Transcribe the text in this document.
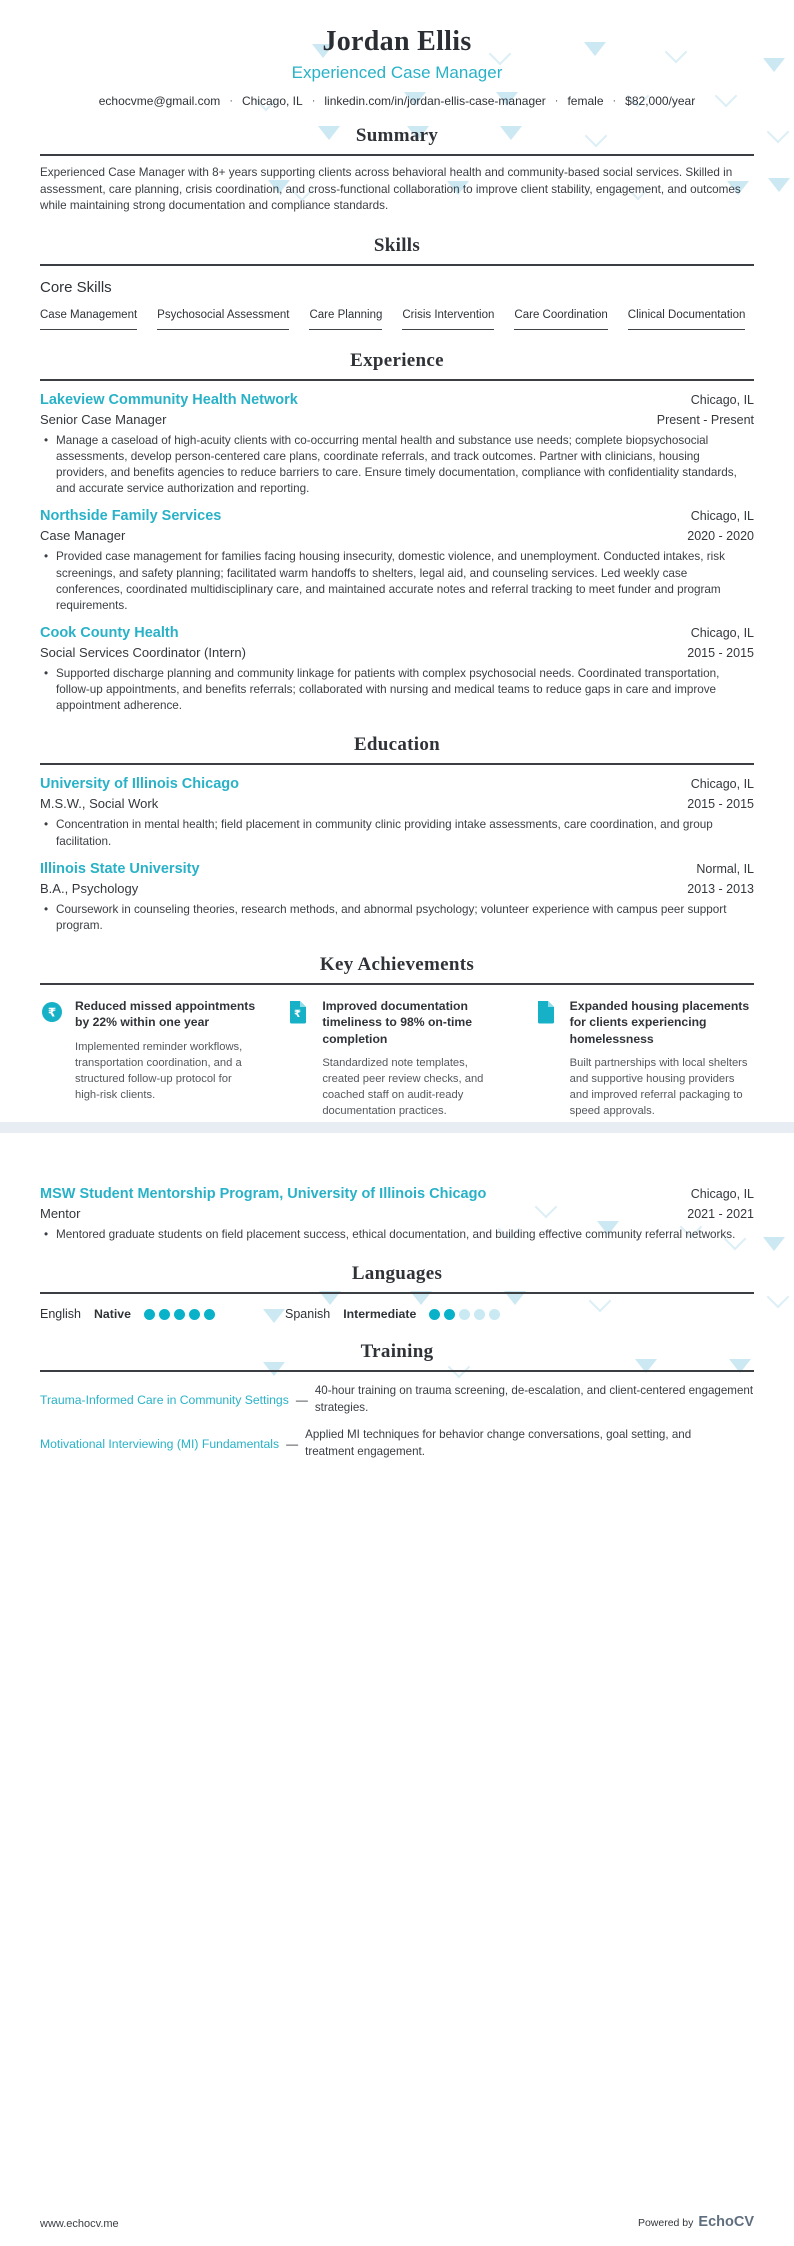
Jordan Ellis
Experienced Case Manager
echocvme@gmail.com · Chicago, IL · linkedin.com/in/jordan-ellis-case-manager · female · $82,000/year
Summary
Experienced Case Manager with 8+ years supporting clients across behavioral health and community-based social services. Skilled in assessment, care planning, crisis coordination, and cross-functional collaboration to improve client stability, engagement, and outcomes while maintaining strong documentation and compliance standards.
Skills
Core Skills
Case Management Psychosocial Assessment Care Planning Crisis Intervention Care Coordination Clinical Documentation
Experience
Lakeview Community Health Network	Chicago, IL
Senior Case Manager	Present - Present
• Manage a caseload of high-acuity clients with co-occurring mental health and substance use needs; complete biopsychosocial assessments, develop person-centered care plans, coordinate referrals, and track outcomes. Partner with clinicians, housing providers, and benefits agencies to reduce barriers to care. Ensure timely documentation, compliance with confidentiality standards, and accurate service authorization and reporting.
Northside Family Services	Chicago, IL
Case Manager	2020 - 2020
• Provided case management for families facing housing insecurity, domestic violence, and unemployment. Conducted intakes, risk screenings, and safety planning; facilitated warm handoffs to shelters, legal aid, and counseling services. Led weekly case conferences, coordinated multidisciplinary care, and maintained accurate notes and referral tracking to meet funder and program requirements.
Cook County Health	Chicago, IL
Social Services Coordinator (Intern)	2015 - 2015
• Supported discharge planning and community linkage for patients with complex psychosocial needs. Coordinated transportation, follow-up appointments, and benefits referrals; collaborated with nursing and medical teams to reduce gaps in care and improve appointment adherence.
Education
University of Illinois Chicago	Chicago, IL
M.S.W., Social Work	2015 - 2015
• Concentration in mental health; field placement in community clinic providing intake assessments, care coordination, and group facilitation.
Illinois State University	Normal, IL
B.A., Psychology	2013 - 2013
• Coursework in counseling theories, research methods, and abnormal psychology; volunteer experience with campus peer support program.
Key Achievements
₹ Reduced missed appointments by 22% within one year
Implemented reminder workflows, transportation coordination, and a structured follow-up protocol for high-risk clients.
₹
Improved documentation timeliness to 98% on-time completion
Standardized note templates, created peer review checks, and coached staff on audit-ready documentation practices.
Expanded housing placements for clients experiencing homelessness
Built partnerships with local shelters and supportive housing providers and improved referral packaging to speed approvals.
MSW Student Mentorship Program, University of Illinois Chicago	Chicago, IL
Mentor	2021 - 2021
• Mentored graduate students on field placement success, ethical documentation, and building effective community referral networks.
Languages
English Native	Spanish Intermediate
Training
Trauma-Informed Care in Community Settings —
40-hour training on trauma screening, de-escalation, and client-centered engagement strategies.
Motivational Interviewing (MI) Fundamentals —
Applied MI techniques for behavior change conversations, goal setting, and treatment engagement.
www.echocv.me	Powered by EchoCV
